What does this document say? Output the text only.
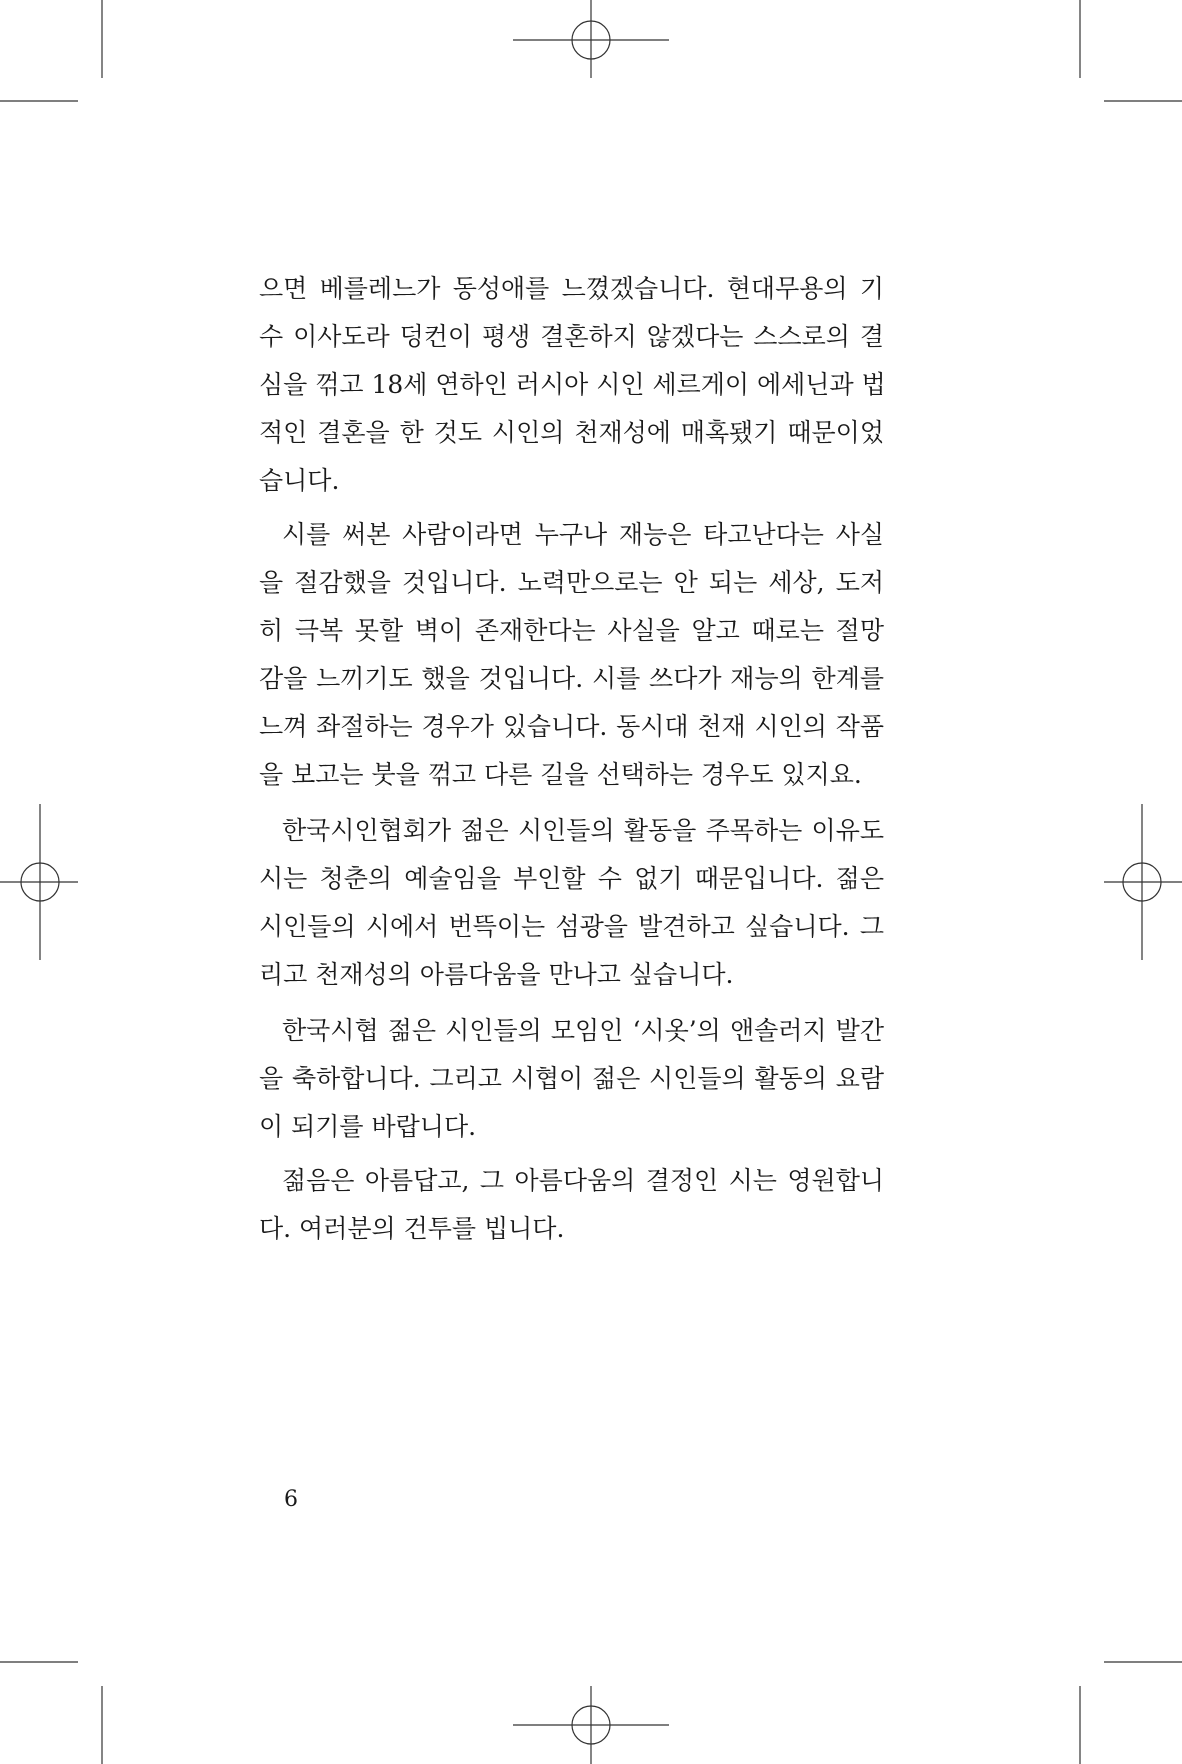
으면 베를레느가 동성애를 느꼈겠습니다. 현대무용의 기
수 이사도라 덩컨이 평생 결혼하지 않겠다는 스스로의 결
심을 꺾고 18세 연하인 러시아 시인 세르게이 에세닌과 법
적인 결혼을 한 것도 시인의 천재성에 매혹됐기 때문이었
습니다.
시를 써본 사람이라면 누구나 재능은 타고난다는 사실
을 절감했을 것입니다. 노력만으로는 안 되는 세상, 도저
히 극복 못할 벽이 존재한다는 사실을 알고 때로는 절망
감을 느끼기도 했을 것입니다. 시를 쓰다가 재능의 한계를
느껴 좌절하는 경우가 있습니다. 동시대 천재 시인의 작품
을 보고는 붓을 꺾고 다른 길을 선택하는 경우도 있지요.
한국시인협회가 젊은 시인들의 활동을 주목하는 이유도
시는 청춘의 예술임을 부인할 수 없기 때문입니다. 젊은
시인들의 시에서 번뜩이는 섬광을 발견하고 싶습니다. 그
리고 천재성의 아름다움을 만나고 싶습니다.
한국시협 젊은 시인들의 모임인 ‘시옷’의 앤솔러지 발간
을 축하합니다. 그리고 시협이 젊은 시인들의 활동의 요람
이 되기를 바랍니다.
젊음은 아름답고, 그 아름다움의 결정인 시는 영원합니
다. 여러분의 건투를 빕니다.
6
